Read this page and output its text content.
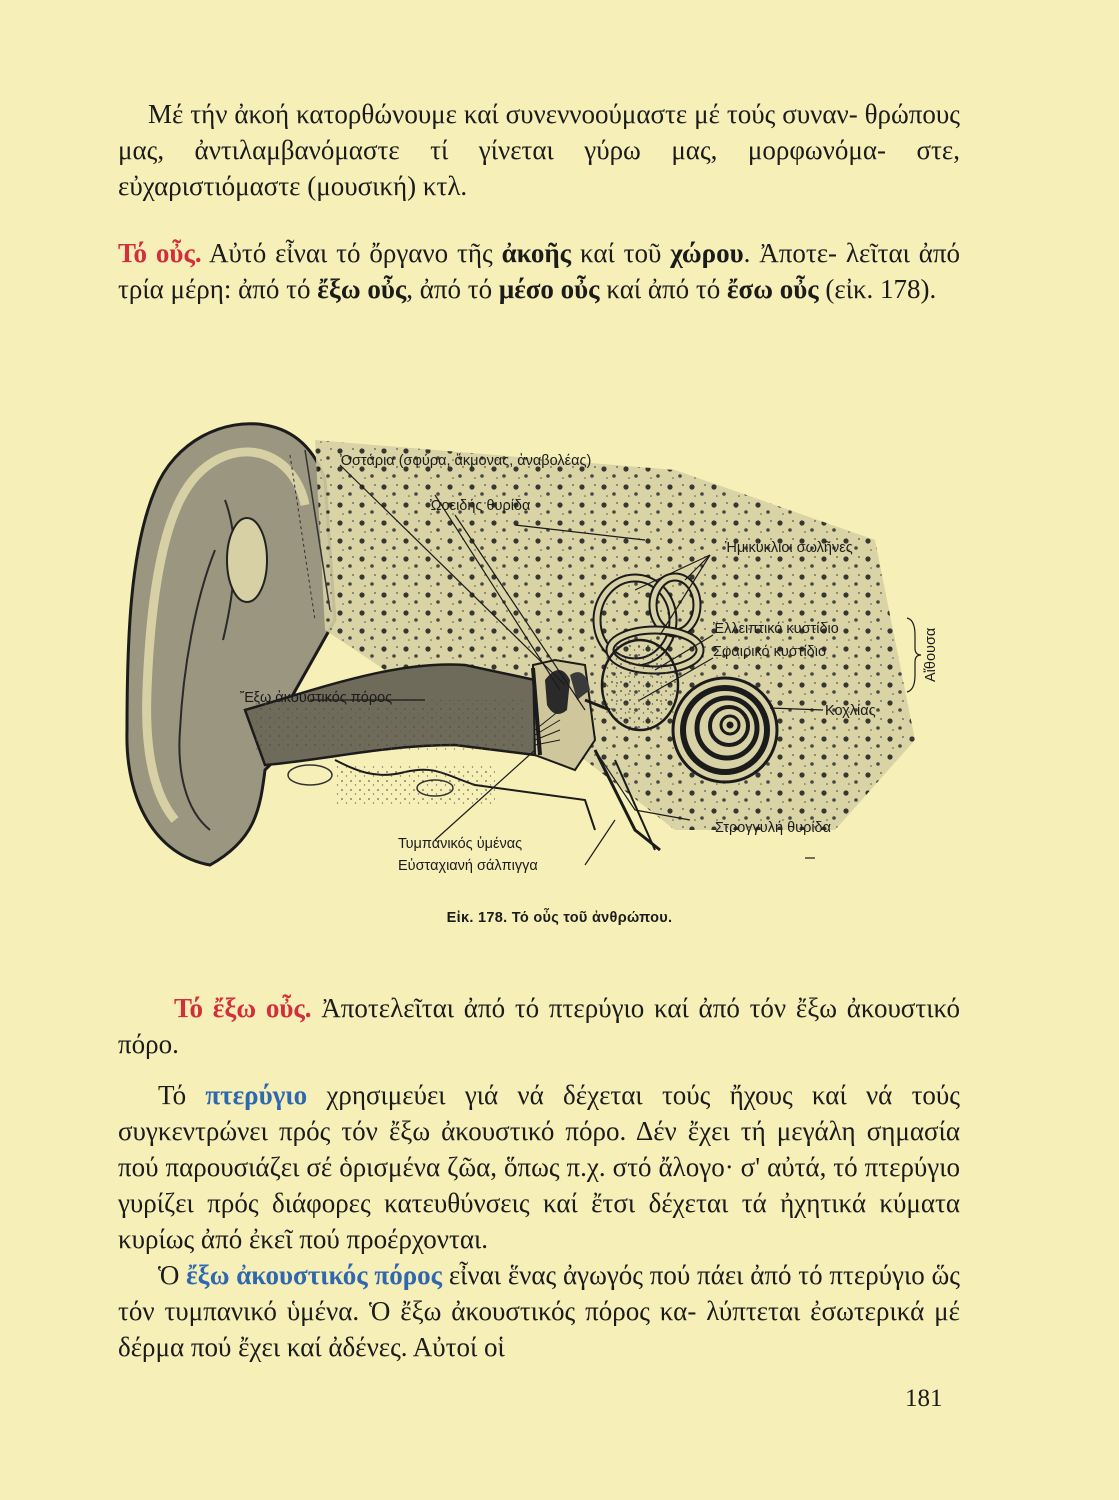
Μέ τήν ἀκοή κατορθώνουμε καί συνεννοούμαστε μέ τούς συναν- θρώπους μας, ἀντιλαμβανόμαστε τί γίνεται γύρω μας, μορφωνόμα- στε, εὐχαριστιόμαστε (μουσική) κτλ.

Τό οὖς. Αὐτό εἶναι τό ὄργανο τῆς ἀκοῆς καί τοῦ χώρου. Ἀποτε- λεῖται ἀπό τρία μέρη: ἀπό τό ἔξω οὖς, ἀπό τό μέσο οὖς καί ἀπό τό ἔσω οὖς (εἰκ. 178).

Ὀστάρια (σφύρα, ἄκμονας, ἀναβολέας)
Ὠοειδής θυρίδα
Ἡμικύκλιοι σωλῆνες
Ἐλλειπτικό κυστίδιο
Σφαιρικό κυστίδιο	Αἴθουσα
Κοχλίας
Ἔξω ἀκουστικός πόρος
Στρογγυλή θυρίδα
Τυμπανικός ὑμένας
Εὐσταχιανή σάλπιγγα
Εἰκ. 178. Τό οὖς τοῦ ἀνθρώπου.

Τό ἔξω οὖς. Ἀποτελεῖται ἀπό τό πτερύγιο καί ἀπό τόν ἔξω ἀκουστικό πόρο.

Τό πτερύγιο χρησιμεύει γιά νά δέχεται τούς ἤχους καί νά τούς συγκεντρώνει πρός τόν ἔξω ἀκουστικό πόρο. Δέν ἔχει τή μεγάλη σημασία πού παρουσιάζει σέ ὁρισμένα ζῶα, ὅπως π.χ. στό ἄλογο· σ' αὐτά, τό πτερύγιο γυρίζει πρός διάφορες κατευθύνσεις καί ἔτσι δέχεται τά ἠχητικά κύματα κυρίως ἀπό ἐκεῖ πού προέρχονται.

Ὁ ἔξω ἀκουστικός πόρος εἶναι ἕνας ἀγωγός πού πάει ἀπό τό πτερύγιο ὥς τόν τυμπανικό ὑμένα. Ὁ ἔξω ἀκουστικός πόρος κα- λύπτεται ἐσωτερικά μέ δέρμα πού ἔχει καί ἀδένες. Αὐτοί οἱ

181
